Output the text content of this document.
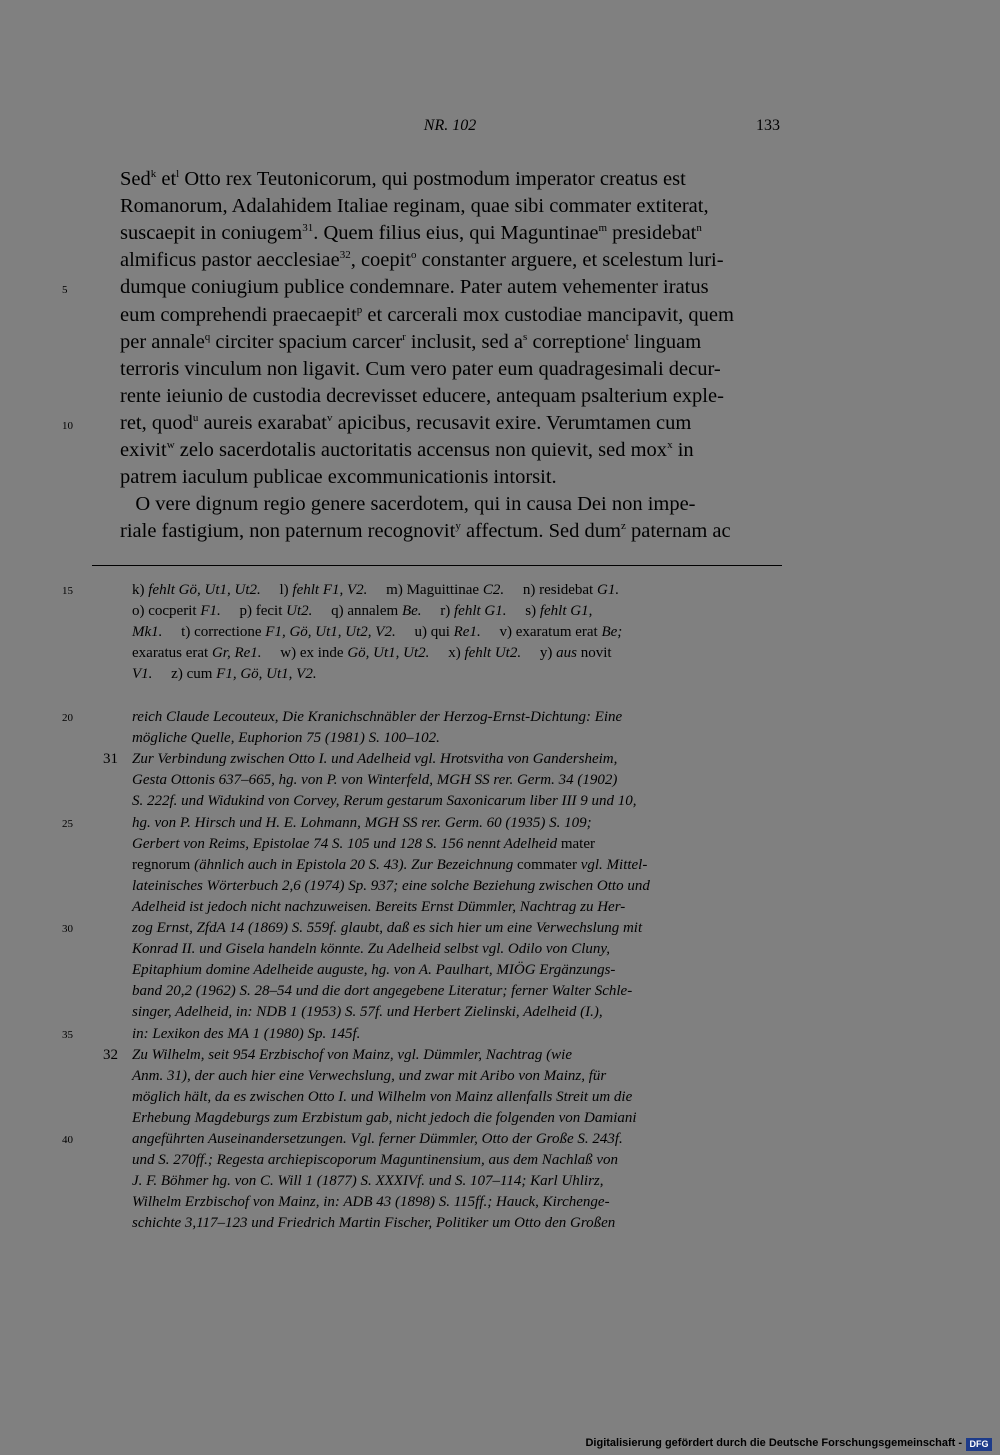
NR. 102	133
Sed$^k$ $et^l$ Otto rex Teutonicorum, qui postmodum imperator creatus est
Romanorum, Adalahidem Italiae reginam, quae sibi commater extiterat,
suscaepit in coniugem$^{31}$. Quem filius eius, qui Maguntinae$^m$ presidebat$^n$
almificus pastor aecclesiae$^{32}$, coepit$^o$ constanter arguere, et scelestum luri-
dumque coniugium publice condemnare. Pater autem vehementer iratus
eum comprehendi praecaepit$^p$ et carcerali mox custodiae mancipavit, quem
per annale$^q$ circiter spacium carcer$^r$ inclusit, sed $a^s$ correptione$^t$ linguam
terroris vinculum non ligavit. Cum vero pater eum quadragesimali decur-
rente ieiunio de custodia decrevisset educere, antequam psalterium exple-
ret, quod$^u$ aureis exarabat$^v$ apicibus, recusavit exire. Verumtamen cum
exivit$^w$ zelo sacerdotalis auctoritatis accensus non quievit, sed mox$^x$ in
patrem iaculum publicae excommunicationis intorsit.
O vere dignum regio genere sacerdotem, qui in causa Dei non impe-
riale fastigium, non paternum recognovit$^y$ affectum. Sed dum$^z$ paternam ac
5
10
k) fehlt Gö, Ut1, Ut2.     l) fehlt F1, V2.     m) Maguittinae C2.     n) residebat G1.
o) cocperit F1.     p) fecit Ut2.     q) annalem Be.     r) fehlt G1.     s) fehlt G1,
Mk1.     t) correctione F1, Gö, Ut1, Ut2, V2.     u) qui Re1.     v) exaratum erat Be;
exaratus erat Gr, Re1.     w) ex inde Gö, Ut1, Ut2.     x) fehlt Ut2.     y) aus novit
V1.     z) cum F1, Gö, Ut1, V2.
15
reich Claude Lecouteux, Die Kranichschnäbler der Herzog-Ernst-Dichtung: Eine
mögliche Quelle, Euphorion 75 (1981) S. 100–102.
Zur Verbindung zwischen Otto I. und Adelheid vgl. Hrotsvitha von Gandersheim,
Gesta Ottonis 637–665, hg. von P. von Winterfeld, MGH SS rer. Germ. 34 (1902)
S. 222f. und Widukind von Corvey, Rerum gestarum Saxonicarum liber III 9 und 10,
hg. von P. Hirsch und H. E. Lohmann, MGH SS rer. Germ. 60 (1935) S. 109;
Gerbert von Reims, Epistolae 74 S. 105 und 128 S. 156 nennt Adelheid mater
regnorum (ähnlich auch in Epistola 20 S. 43). Zur Bezeichnung commater vgl. Mittel-
lateinisches Wörterbuch 2,6 (1974) Sp. 937; eine solche Beziehung zwischen Otto und
Adelheid ist jedoch nicht nachzuweisen. Bereits Ernst Dümmler, Nachtrag zu Her-
zog Ernst, ZfdA 14 (1869) S. 559f. glaubt, daß es sich hier um eine Verwechslung mit
Konrad II. und Gisela handeln könnte. Zu Adelheid selbst vgl. Odilo von Cluny,
Epitaphium domine Adelheide auguste, hg. von A. Paulhart, MIÖG Ergänzungs-
band 20,2 (1962) S. 28–54 und die dort angegebene Literatur; ferner Walter Schle-
singer, Adelheid, in: NDB 1 (1953) S. 57f. und Herbert Zielinski, Adelheid (I.),
in: Lexikon des MA 1 (1980) Sp. 145f.
Zu Wilhelm, seit 954 Erzbischof von Mainz, vgl. Dümmler, Nachtrag (wie
Anm. 31), der auch hier eine Verwechslung, und zwar mit Aribo von Mainz, für
möglich hält, da es zwischen Otto I. und Wilhelm von Mainz allenfalls Streit um die
Erhebung Magdeburgs zum Erzbistum gab, nicht jedoch die folgenden von Damiani
angeführten Auseinandersetzungen. Vgl. ferner Dümmler, Otto der Große S. 243f.
und S. 270ff.; Regesta archiepiscoporum Maguntinensium, aus dem Nachlaß von
J. F. Böhmer hg. von C. Will 1 (1877) S. XXXIVf. und S. 107–114; Karl Uhlirz,
Wilhelm Erzbischof von Mainz, in: ADB 43 (1898) S. 115ff.; Hauck, Kirchenge-
schichte 3,117–123 und Friedrich Martin Fischer, Politiker um Otto den Großen
20
25
30
35
40
31
32
Digitalisierung gefördert durch die Deutsche Forschungsgemeinschaft - DFG
